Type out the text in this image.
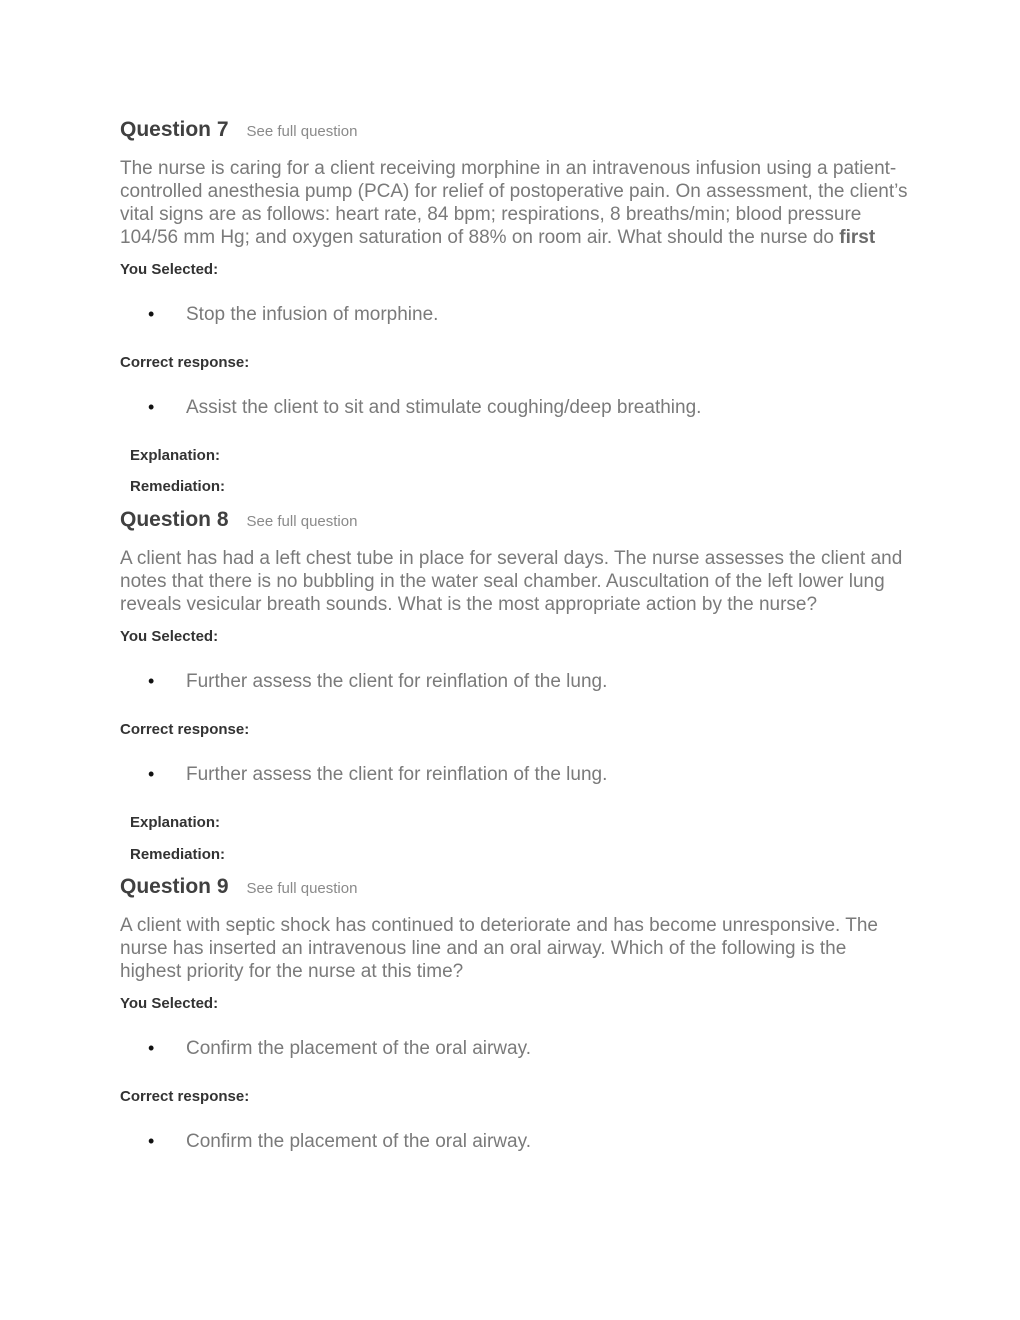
Question 7 See full question
The nurse is caring for a client receiving morphine in an intravenous infusion using a patient-controlled anesthesia pump (PCA) for relief of postoperative pain. On assessment, the client’s vital signs are as follows: heart rate, 84 bpm; respirations, 8 breaths/min; blood pressure 104/56 mm Hg; and oxygen saturation of 88% on room air. What should the nurse do first
You Selected:
•	Stop the infusion of morphine.
Correct response:
•	Assist the client to sit and stimulate coughing/deep breathing.
Explanation:
Remediation:
Question 8 See full question
A client has had a left chest tube in place for several days. The nurse assesses the client and notes that there is no bubbling in the water seal chamber. Auscultation of the left lower lung reveals vesicular breath sounds. What is the most appropriate action by the nurse?
You Selected:
•	Further assess the client for reinflation of the lung.
Correct response:
•	Further assess the client for reinflation of the lung.
Explanation:
Remediation:
Question 9 See full question
A client with septic shock has continued to deteriorate and has become unresponsive. The nurse has inserted an intravenous line and an oral airway. Which of the following is the highest priority for the nurse at this time?
You Selected:
•	Confirm the placement of the oral airway.
Correct response:
•	Confirm the placement of the oral airway.
